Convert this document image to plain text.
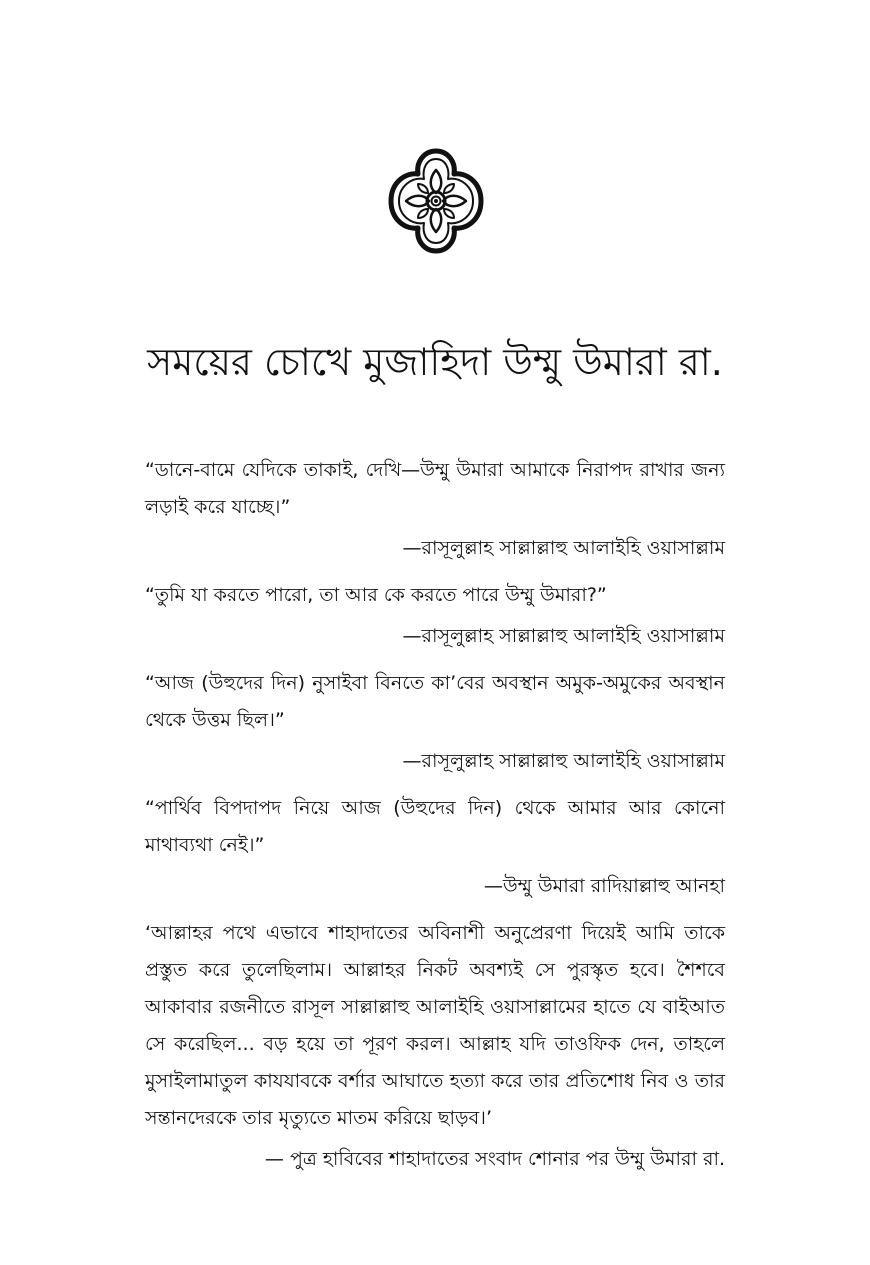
সময়ের চোখে মুজাহিদা উম্মু উমারা রা.

“ডানে-বামে যেদিকে তাকাই, দেখি—উম্মু উমারা আমাকে নিরাপদ রাখার জন্য লড়াই করে যাচ্ছে।”

—রাসূলুল্লাহ সাল্লাল্লাহু আলাইহি ওয়াসাল্লাম

“তুমি যা করতে পারো, তা আর কে করতে পারে উম্মু উমারা?”

—রাসূলুল্লাহ সাল্লাল্লাহু আলাইহি ওয়াসাল্লাম

“আজ (উহুদের দিন) নুসাইবা বিনতে কা’বের অবস্থান অমুক-অমুকের অবস্থান থেকে উত্তম ছিল।”

—রাসূলুল্লাহ সাল্লাল্লাহু আলাইহি ওয়াসাল্লাম

“পার্থিব বিপদাপদ নিয়ে আজ (উহুদের দিন) থেকে আমার আর কোনো মাথাব্যথা নেই।”

—উম্মু উমারা রাদিয়াল্লাহু আনহা

‘আল্লাহর পথে এভাবে শাহাদাতের অবিনাশী অনুপ্রেরণা দিয়েই আমি তাকে প্রস্তুত করে তুলেছিলাম। আল্লাহর নিকট অবশ্যই সে পুরস্কৃত হবে। শৈশবে আকাবার রজনীতে রাসূল সাল্লাল্লাহু আলাইহি ওয়াসাল্লামের হাতে যে বাইআত সে করেছিল... বড় হয়ে তা পূরণ করল। আল্লাহ যদি তাওফিক দেন, তাহলে মুসাইলামাতুল কাযযাবকে বর্শার আঘাতে হত্যা করে তার প্রতিশোধ নিব ও তার সন্তানদেরকে তার মৃত্যুতে মাতম করিয়ে ছাড়ব।’

— পুত্র হাবিবের শাহাদাতের সংবাদ শোনার পর উম্মু উমারা রা.
